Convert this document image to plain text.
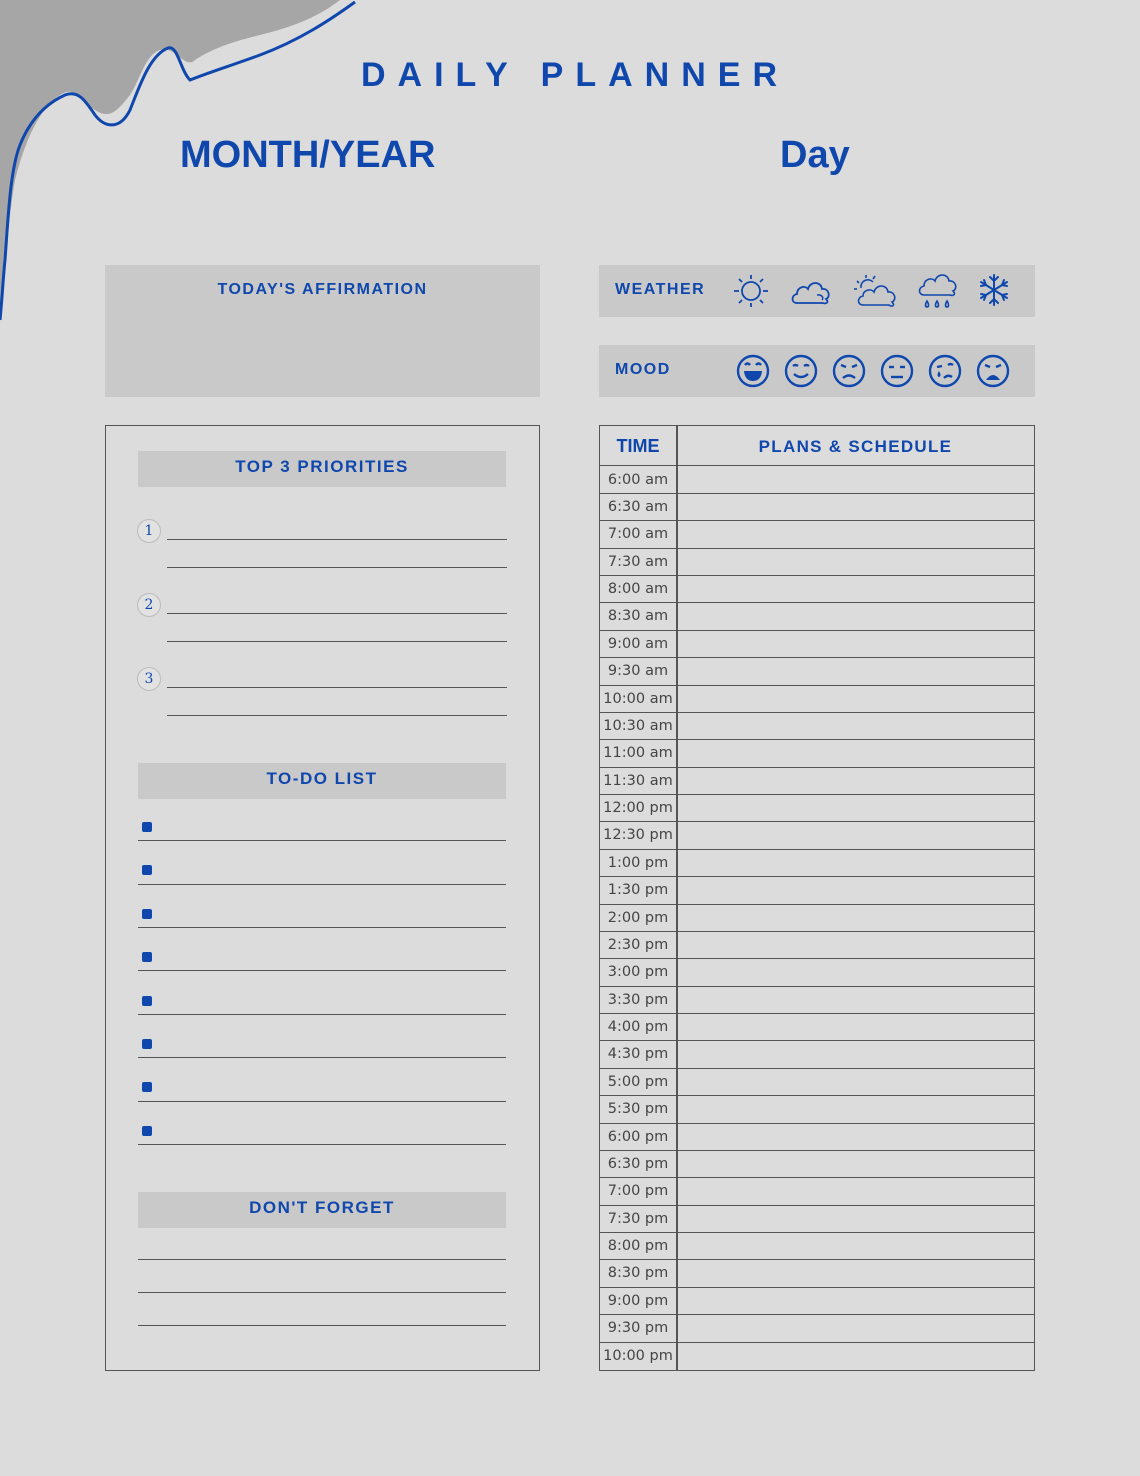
DAILY PLANNER
MONTH/YEAR	Day
TODAY'S AFFIRMATION	WEATHER
MOOD
TOP 3 PRIORITIES
1
2
3
TO-DO LIST
DON'T FORGET
TIME	PLANS & SCHEDULE
6:00 am
6:30 am
7:00 am
7:30 am
8:00 am
8:30 am
9:00 am
9:30 am
10:00 am
10:30 am
11:00 am
11:30 am
12:00 pm
12:30 pm
1:00 pm
1:30 pm
2:00 pm
2:30 pm
3:00 pm
3:30 pm
4:00 pm
4:30 pm
5:00 pm
5:30 pm
6:00 pm
6:30 pm
7:00 pm
7:30 pm
8:00 pm
8:30 pm
9:00 pm
9:30 pm
10:00 pm
